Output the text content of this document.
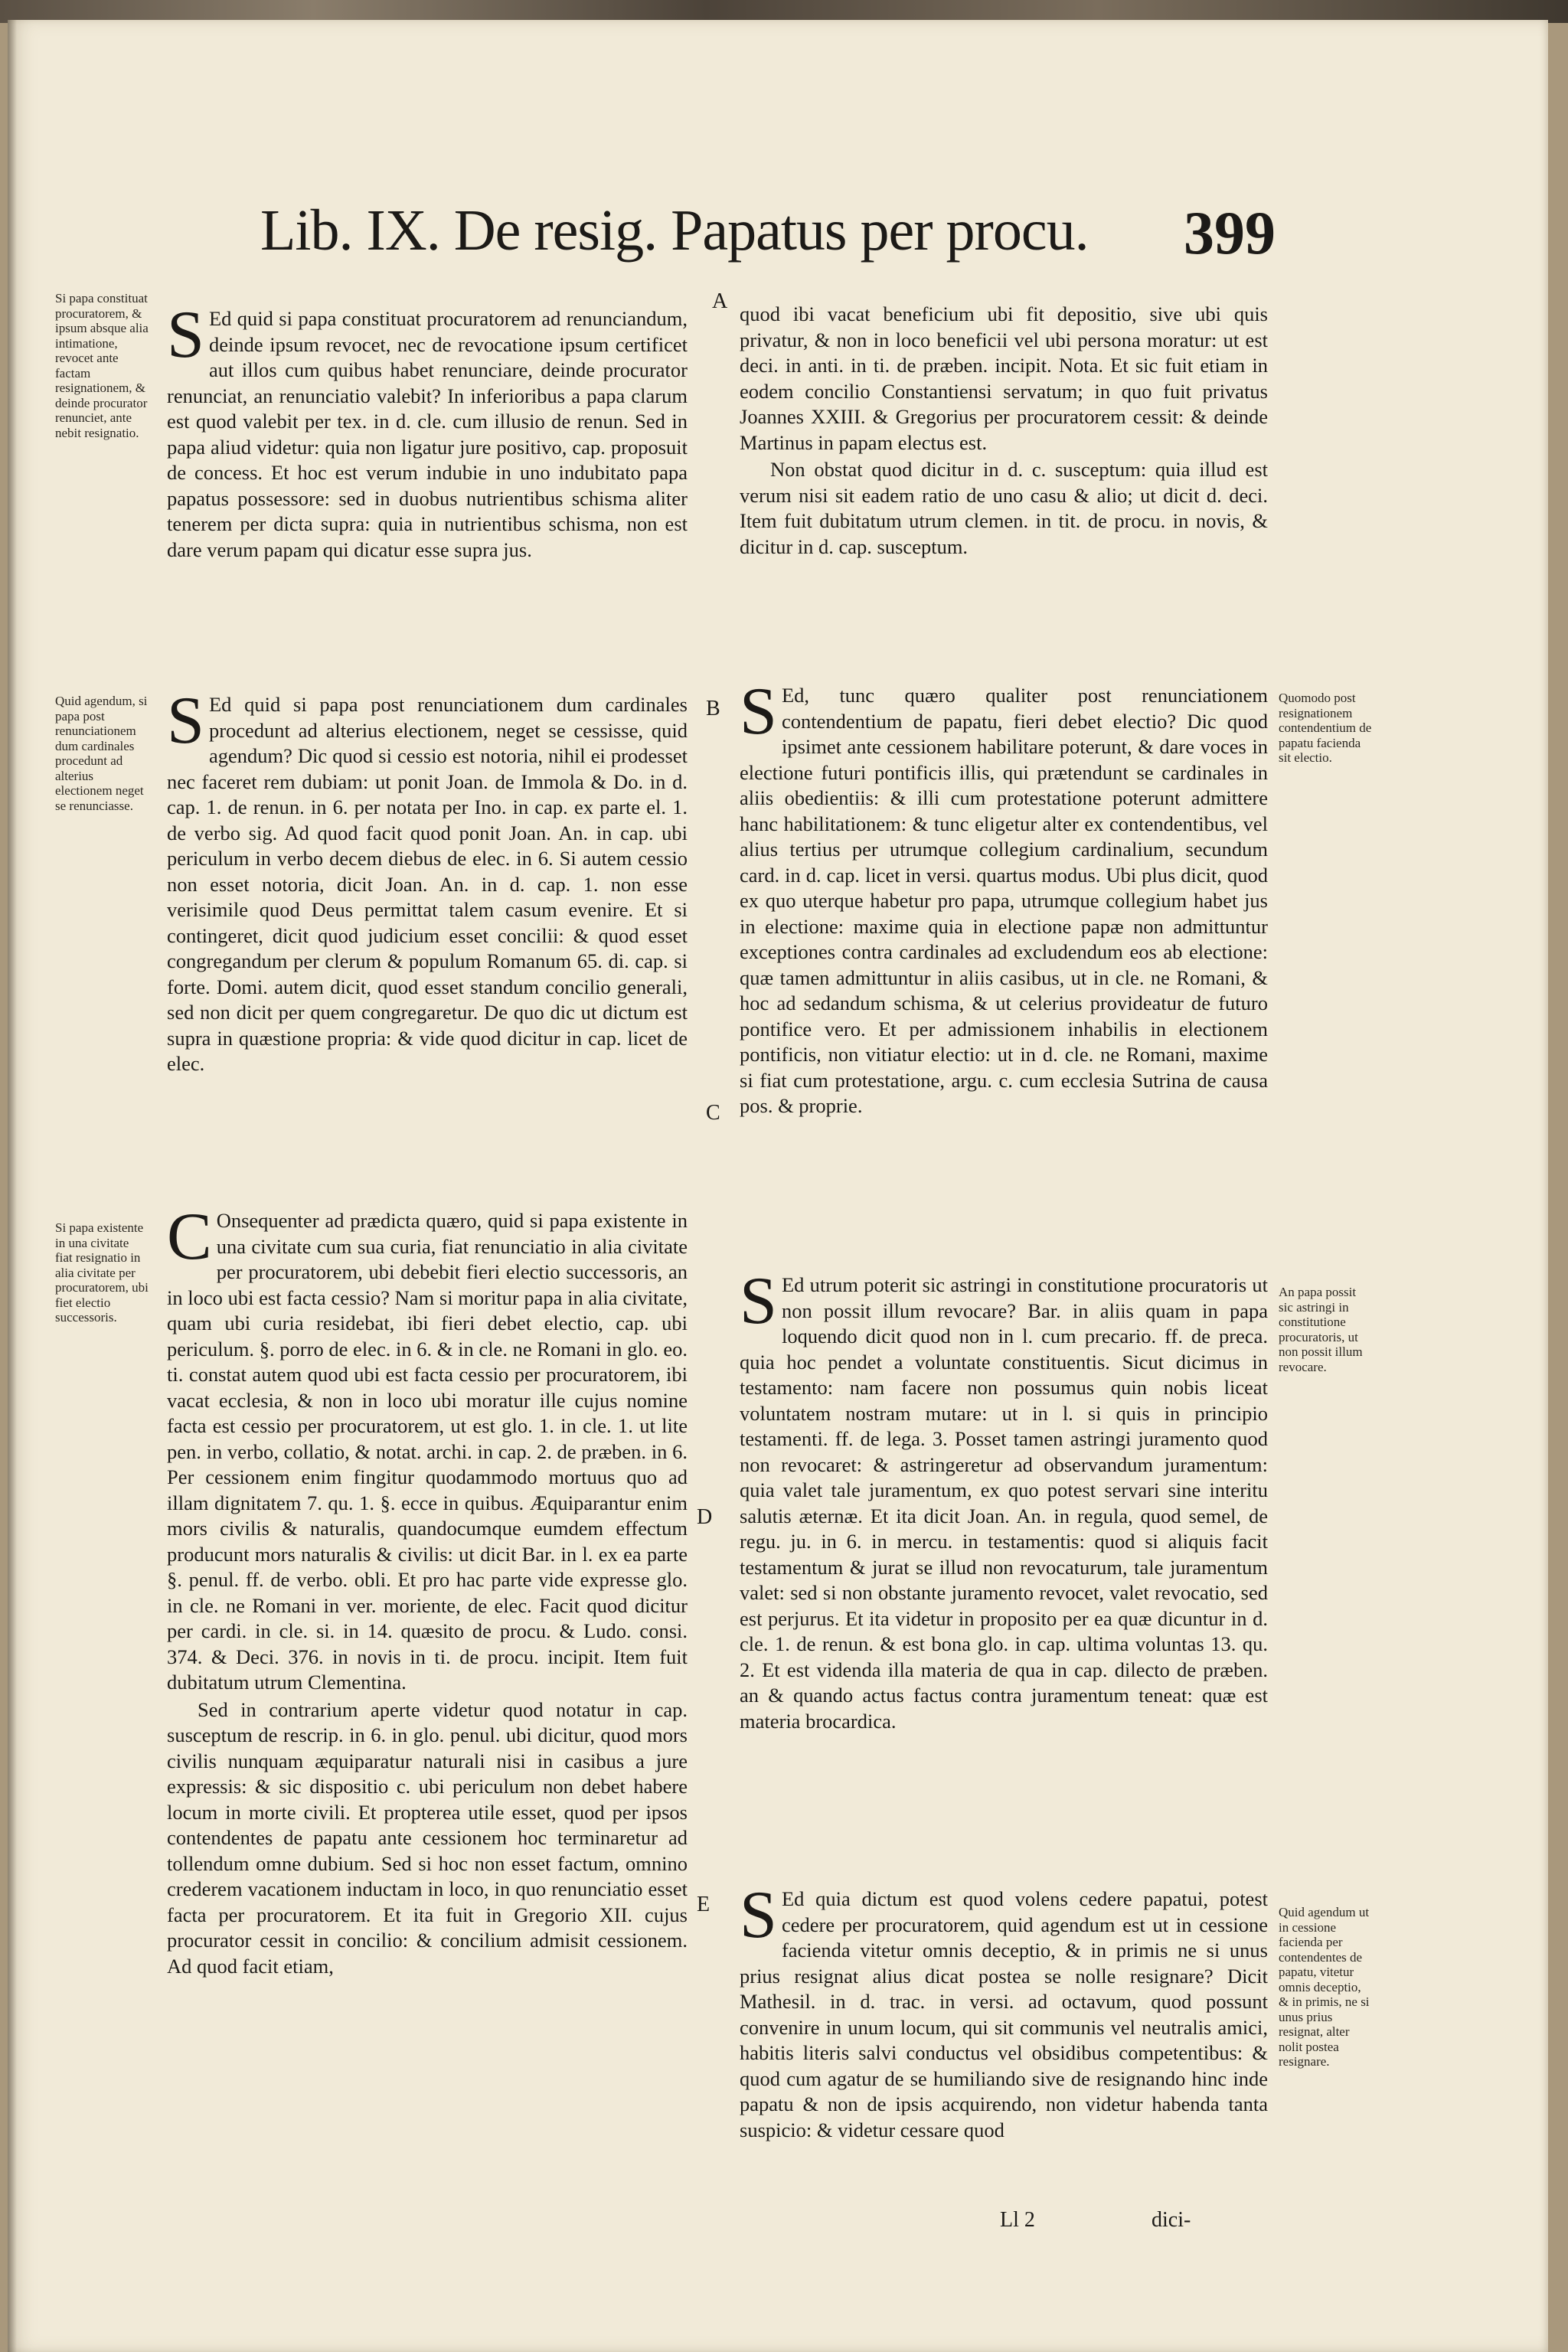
Lib. IX. De resig. Papatus per procu. 399
A
B
C
D
E
Si papa constituat procuratorem, & ipsum absque alia intimatione, revocet ante factam resignationem, & deinde procurator renunciet, ante nebit resignatio.
Quid agendum, si papa post renunciationem dum cardinales procedunt ad alterius electionem neget se renunciasse.
Si papa existente in una civitate fiat resignatio in alia civitate per procuratorem, ubi fiet electio successoris.
Quomodo post resignationem contendentium de papatu facienda sit electio.
An papa possit sic astringi in constitutione procuratoris, ut non possit illum revocare.
Quid agendum ut in cessione facienda per contendentes de papatu, vitetur omnis deceptio, & in primis, ne si unus prius resignat, alter nolit postea resignare.

S Ed quid si papa constituat procuratorem ad renunciandum, deinde ipsum revocet, nec de revocatione ipsum certificet aut illos cum quibus habet renunciare, deinde procurator renunciat, an renunciatio valebit? In inferioribus a papa clarum est quod valebit per tex. in d. cle. cum illusio de renun. Sed in papa aliud videtur: quia non ligatur jure positivo, cap. proposuit de concess. Et hoc est verum indubie in uno indubitato papa papatus possessore: sed in duobus nutrientibus schisma aliter tenerem per dicta supra: quia in nutrientibus schisma, non est dare verum papam qui dicatur esse supra jus.

S Ed quid si papa post renunciationem dum cardinales procedunt ad alterius electionem, neget se cessisse, quid agendum? Dic quod si cessio est notoria, nihil ei prodesset nec faceret rem dubiam: ut ponit Joan. de Immola & Do. in d. cap. 1. de renun. in 6. per notata per Ino. in cap. ex parte el. 1. de verbo sig. Ad quod facit quod ponit Joan. An. in cap. ubi periculum in verbo decem diebus de elec. in 6. Si autem cessio non esset notoria, dicit Joan. An. in d. cap. 1. non esse verisimile quod Deus permittat talem casum evenire. Et si contingeret, dicit quod judicium esset concilii: & quod esset congregandum per clerum & populum Romanum 65. di. cap. si forte. Domi. autem dicit, quod esset standum concilio generali, sed non dicit per quem congregaretur. De quo dic ut dictum est supra in quæstione propria: & vide quod dicitur in cap. licet de elec.

C Onsequenter ad prædicta quæro, quid si papa existente in una civitate cum sua curia, fiat renunciatio in alia civitate per procuratorem, ubi debebit fieri electio successoris, an in loco ubi est facta cessio? Nam si moritur papa in alia civitate, quam ubi curia residebat, ibi fieri debet electio, cap. ubi periculum. §. porro de elec. in 6. & in cle. ne Romani in glo. eo. ti. constat autem quod ubi est facta cessio per procuratorem, ibi vacat ecclesia, & non in loco ubi moratur ille cujus nomine facta est cessio per procuratorem, ut est glo. 1. in cle. 1. ut lite pen. in verbo, collatio, & notat. archi. in cap. 2. de præben. in 6. Per cessionem enim fingitur quodammodo mortuus quo ad illam dignitatem 7. qu. 1. §. ecce in quibus. Æquiparantur enim mors civilis & naturalis, quandocumque eumdem effectum producunt mors naturalis & civilis: ut dicit Bar. in l. ex ea parte §. penul. ff. de verbo. obli. Et pro hac parte vide expresse glo. in cle. ne Romani in ver. moriente, de elec. Facit quod dicitur per cardi. in cle. si. in 14. quæsito de procu. & Ludo. consi. 374. & Deci. 376. in novis in ti. de procu. incipit. Item fuit dubitatum utrum Clementina.

Sed in contrarium aperte videtur quod notatur in cap. susceptum de rescrip. in 6. in glo. penul. ubi dicitur, quod mors civilis nunquam æquiparatur naturali nisi in casibus a jure expressis: & sic dispositio c. ubi periculum non debet habere locum in morte civili. Et propterea utile esset, quod per ipsos contendentes de papatu ante cessionem hoc terminaretur ad tollendum omne dubium. Sed si hoc non esset factum, omnino crederem vacationem inductam in loco, in quo renunciatio esset facta per procuratorem. Et ita fuit in Gregorio XII. cujus procurator cessit in concilio: & concilium admisit cessionem. Ad quod facit etiam,

quod ibi vacat beneficium ubi fit depositio, sive ubi quis privatur, & non in loco beneficii vel ubi persona moratur: ut est deci. in anti. in ti. de præben. incipit. Nota. Et sic fuit etiam in eodem concilio Constantiensi servatum; in quo fuit privatus Joannes XXIII. & Gregorius per procuratorem cessit: & deinde Martinus in papam electus est.

Non obstat quod dicitur in d. c. susceptum: quia illud est verum nisi sit eadem ratio de uno casu & alio; ut dicit d. deci. Item fuit dubitatum utrum clemen. in tit. de procu. in novis, & dicitur in d. cap. susceptum.

S Ed, tunc quæro qualiter post renunciationem contendentium de papatu, fieri debet electio? Dic quod ipsimet ante cessionem habilitare poterunt, & dare voces in electione futuri pontificis illis, qui prætendunt se cardinales in aliis obedientiis: & illi cum protestatione poterunt admittere hanc habilitationem: & tunc eligetur alter ex contendentibus, vel alius tertius per utrumque collegium cardinalium, secundum card. in d. cap. licet in versi. quartus modus. Ubi plus dicit, quod ex quo uterque habetur pro papa, utrumque collegium habet jus in electione: maxime quia in electione papæ non admittuntur exceptiones contra cardinales ad excludendum eos ab electione: quæ tamen admittuntur in aliis casibus, ut in cle. ne Romani, & hoc ad sedandum schisma, & ut celerius provideatur de futuro pontifice vero. Et per admissionem inhabilis in electionem pontificis, non vitiatur electio: ut in d. cle. ne Romani, maxime si fiat cum protestatione, argu. c. cum ecclesia Sutrina de causa pos. & proprie.

S Ed utrum poterit sic astringi in constitutione procuratoris ut non possit illum revocare? Bar. in aliis quam in papa loquendo dicit quod non in l. cum precario. ff. de preca. quia hoc pendet a voluntate constituentis. Sicut dicimus in testamento: nam facere non possumus quin nobis liceat voluntatem nostram mutare: ut in l. si quis in principio testamenti. ff. de lega. 3. Posset tamen astringi juramento quod non revocaret: & astringeretur ad observandum juramentum: quia valet tale juramentum, ex quo potest servari sine interitu salutis æternæ. Et ita dicit Joan. An. in regula, quod semel, de regu. ju. in 6. in mercu. in testamentis: quod si aliquis facit testamentum & jurat se illud non revocaturum, tale juramentum valet: sed si non obstante juramento revocet, valet revocatio, sed est perjurus. Et ita videtur in proposito per ea quæ dicuntur in d. cle. 1. de renun. & est bona glo. in cap. ultima voluntas 13. qu. 2. Et est videnda illa materia de qua in cap. dilecto de præben. an & quando actus factus contra juramentum teneat: quæ est materia brocardica.

S Ed quia dictum est quod volens cedere papatui, potest cedere per procuratorem, quid agendum est ut in cessione facienda vitetur omnis deceptio, & in primis ne si unus prius resignat alius dicat postea se nolle resignare? Dicit Mathesil. in d. trac. in versi. ad octavum, quod possunt convenire in unum locum, qui sit communis vel neutralis amici, habitis literis salvi conductus vel obsidibus competentibus: & quod cum agatur de se humiliando sive de resignando hinc inde papatu & non de ipsis acquirendo, non videtur habenda tanta suspicio: & videtur cessare quod

Ll 2	dici-
